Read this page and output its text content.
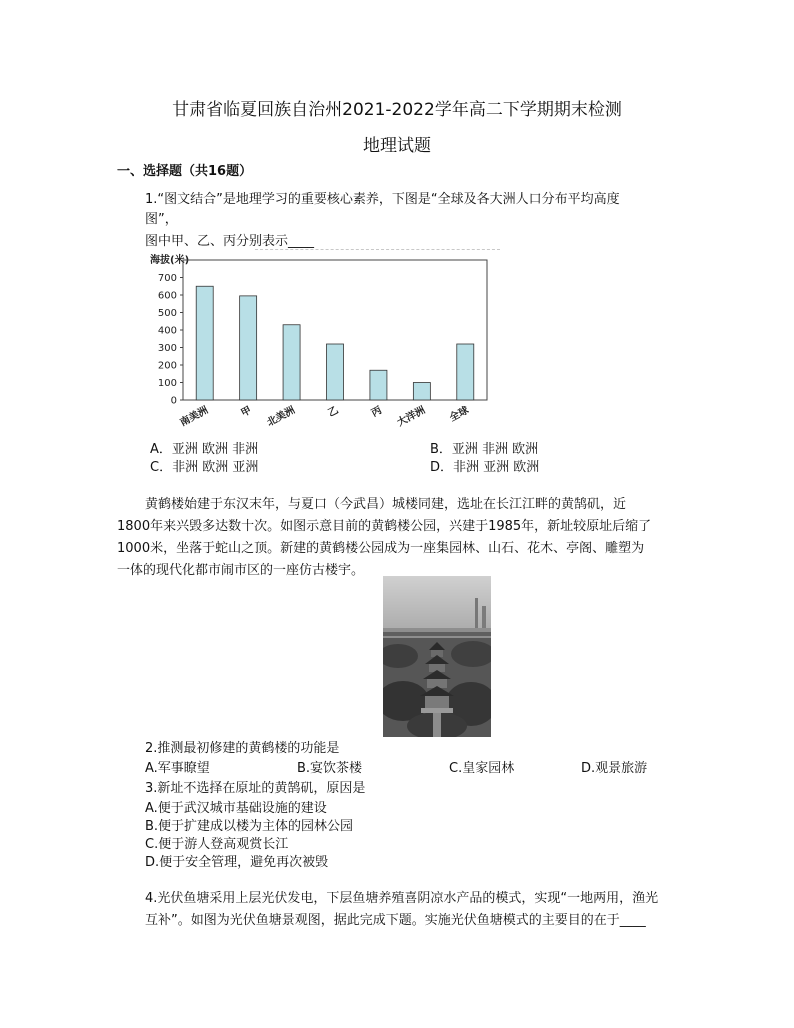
甘肃省临夏回族自治州2021-2022学年高二下学期期末检测
地理试题
一、选择题（共16题）
1.“图文结合”是地理学习的重要核心素养，下图是“全球及各大洲人口分布平均高度
图”，
图中甲、乙、丙分别表示____
海拔(米)
0
100
200
300
400
500
600
700
南美洲	甲 北美洲	乙	丙 大洋洲 全球
A．亚洲 欧洲 非洲	B．亚洲 非洲 欧洲
C．非洲 欧洲 亚洲	D．非洲 亚洲 欧洲
黄鹤楼始建于东汉末年，与夏口（今武昌）城楼同建，选址在长江江畔的黄鹄矶，近
1800年来兴毁多达数十次。如图示意目前的黄鹤楼公园，兴建于1985年，新址较原址后缩了
1000米，坐落于蛇山之顶。新建的黄鹤楼公园成为一座集园林、山石、花木、亭阁、雕塑为
一体的现代化都市闹市区的一座仿古楼宇。
2.推测最初修建的黄鹤楼的功能是
A.军事瞭望	B.宴饮茶楼	C.皇家园林	D.观景旅游
3.新址不选择在原址的黄鹄矶，原因是
A.便于武汉城市基础设施的建设
B.便于扩建成以楼为主体的园林公园
C.便于游人登高观赏长江
D.便于安全管理，避免再次被毁
4.光伏鱼塘采用上层光伏发电，下层鱼塘养殖喜阴凉水产品的模式，实现“一地两用，渔光
互补”。如图为光伏鱼塘景观图，据此完成下题。实施光伏鱼塘模式的主要目的在于____
